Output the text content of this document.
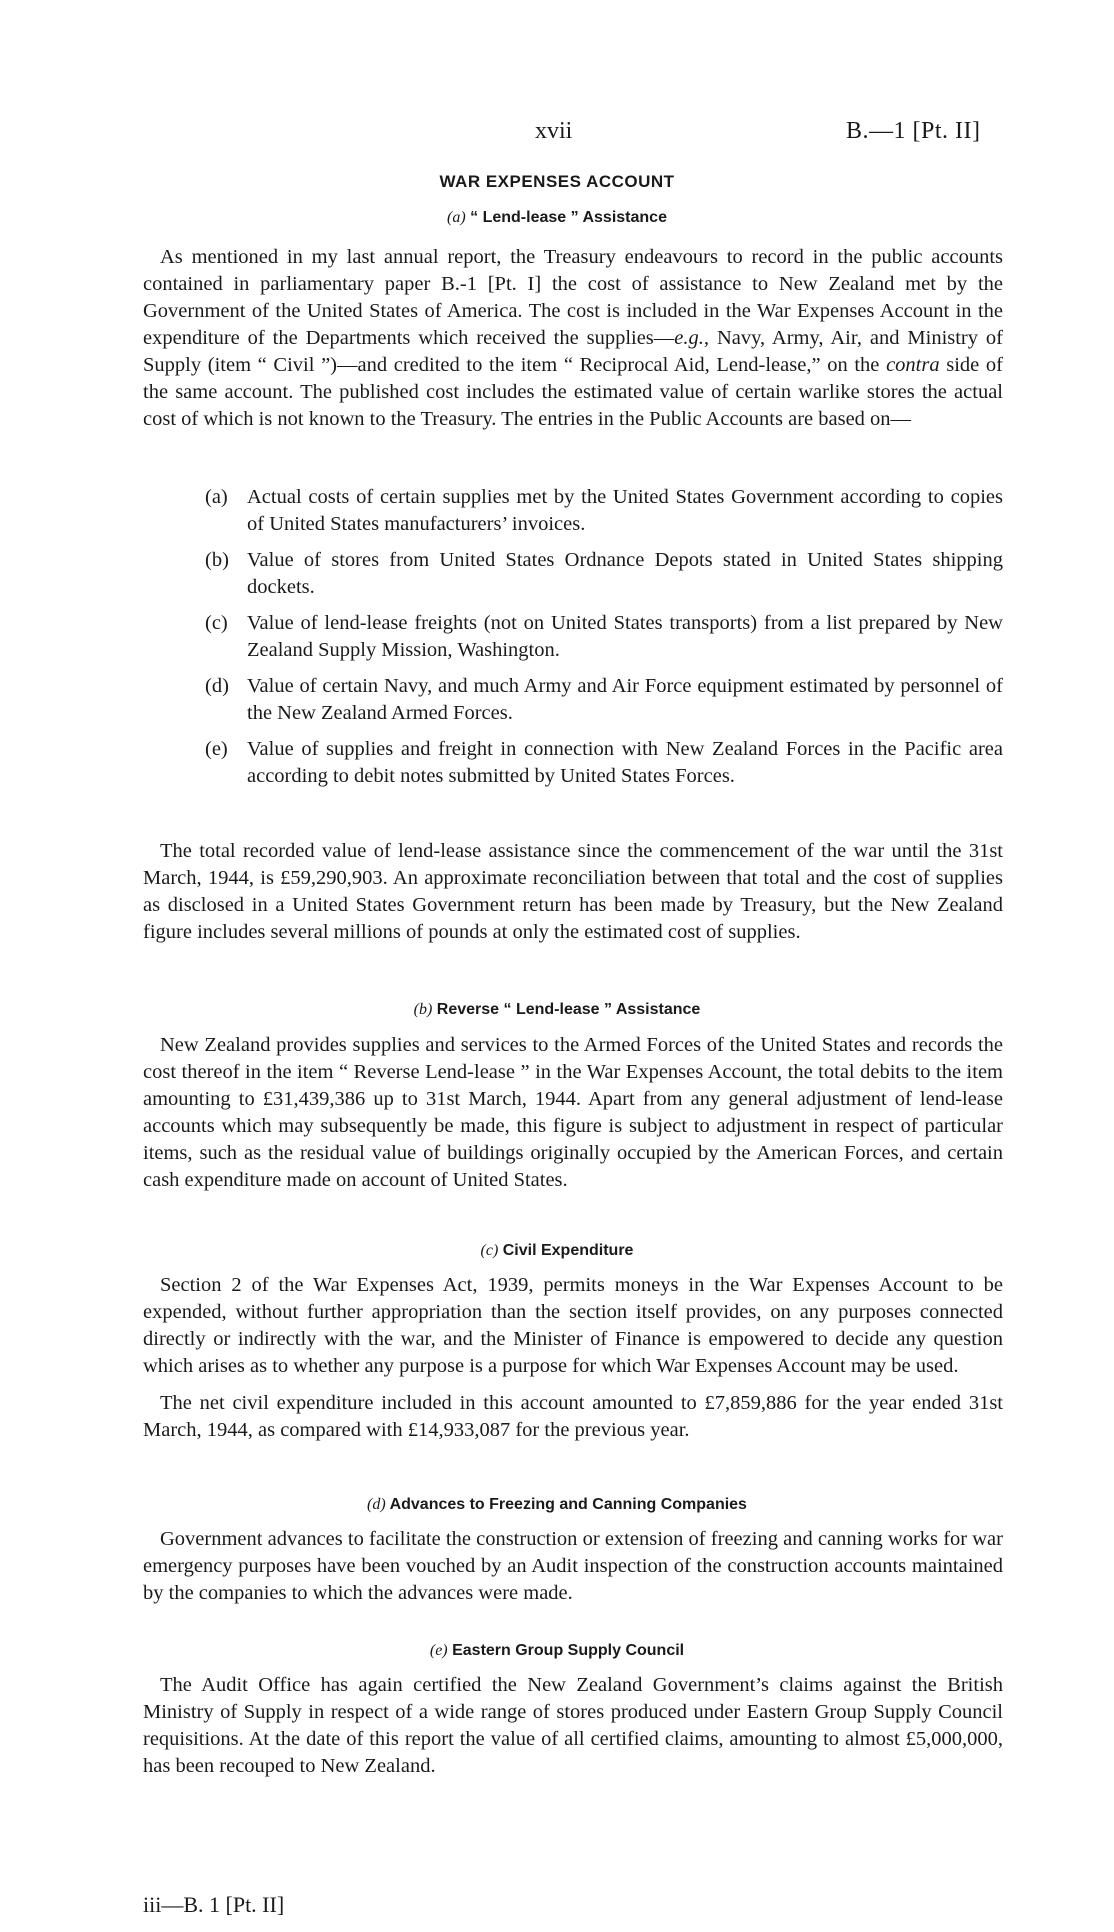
xvii	B.—1 [Pt. II]
WAR EXPENSES ACCOUNT
(a) “ Lend-lease ” Assistance

As mentioned in my last annual report, the Treasury endeavours to record in the public accounts contained in parliamentary paper B.-1 [Pt. I] the cost of assistance to New Zealand met by the Government of the United States of America. The cost is included in the War Expenses Account in the expenditure of the Departments which received the supplies—e.g., Navy, Army, Air, and Ministry of Supply (item “ Civil ”)—and credited to the item “ Reciprocal Aid, Lend-lease,” on the contra side of the same account. The published cost includes the estimated value of certain warlike stores the actual cost of which is not known to the Treasury. The entries in the Public Accounts are based on—

(a) Actual costs of certain supplies met by the United States Government according to copies of United States manufacturers’ invoices.
(b) Value of stores from United States Ordnance Depots stated in United States shipping dockets.
(c) Value of lend-lease freights (not on United States transports) from a list prepared by New Zealand Supply Mission, Washington.
(d) Value of certain Navy, and much Army and Air Force equipment estimated by personnel of the New Zealand Armed Forces.
(e) Value of supplies and freight in connection with New Zealand Forces in the Pacific area according to debit notes submitted by United States Forces.

The total recorded value of lend-lease assistance since the commencement of the war until the 31st March, 1944, is £59,290,903. An approximate reconciliation between that total and the cost of supplies as disclosed in a United States Government return has been made by Treasury, but the New Zealand figure includes several millions of pounds at only the estimated cost of supplies.

(b) Reverse “ Lend-lease ” Assistance

New Zealand provides supplies and services to the Armed Forces of the United States and records the cost thereof in the item “ Reverse Lend-lease ” in the War Expenses Account, the total debits to the item amounting to £31,439,386 up to 31st March, 1944. Apart from any general adjustment of lend-lease accounts which may subsequently be made, this figure is subject to adjustment in respect of particular items, such as the residual value of buildings originally occupied by the American Forces, and certain cash expenditure made on account of United States.

(c) Civil Expenditure

Section 2 of the War Expenses Act, 1939, permits moneys in the War Expenses Account to be expended, without further appropriation than the section itself provides, on any purposes connected directly or indirectly with the war, and the Minister of Finance is empowered to decide any question which arises as to whether any purpose is a purpose for which War Expenses Account may be used.

The net civil expenditure included in this account amounted to £7,859,886 for the year ended 31st March, 1944, as compared with £14,933,087 for the previous year.

(d) Advances to Freezing and Canning Companies

Government advances to facilitate the construction or extension of freezing and canning works for war emergency purposes have been vouched by an Audit inspection of the construction accounts maintained by the companies to which the advances were made.

(e) Eastern Group Supply Council

The Audit Office has again certified the New Zealand Government’s claims against the British Ministry of Supply in respect of a wide range of stores produced under Eastern Group Supply Council requisitions. At the date of this report the value of all certified claims, amounting to almost £5,000,000, has been recouped to New Zealand.

iii—B. 1 [Pt. II]
